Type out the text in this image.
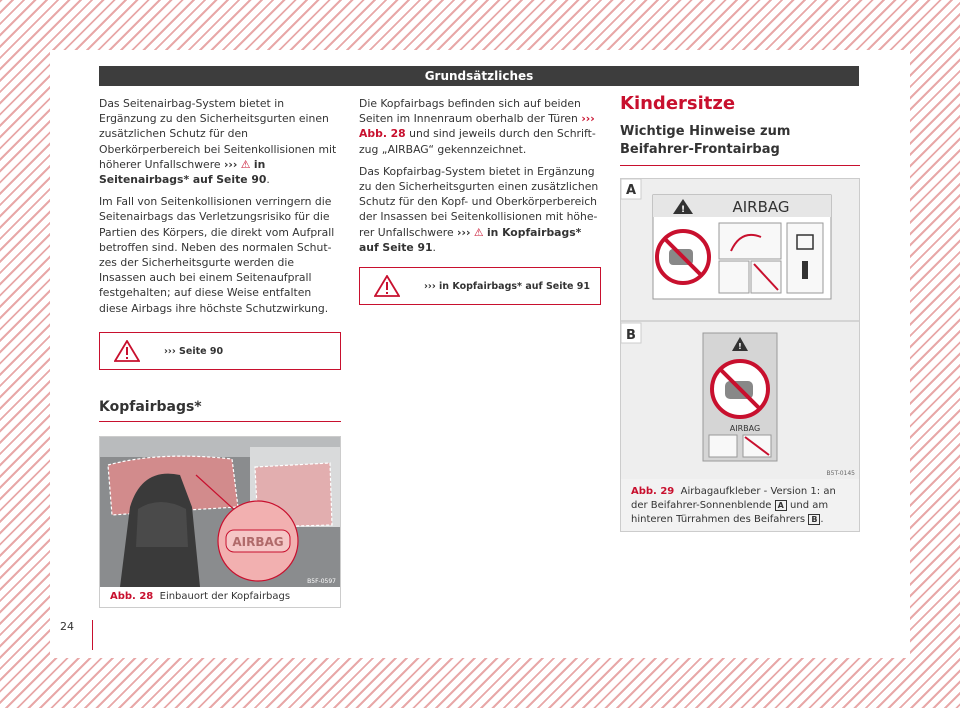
Grundsätzliches

Das Seitenairbag-System bietet in Ergänzung zu den Sicherheitsgurten einen zusätzlichen Schutz für den Oberkörperbereich bei Seitenkollisionen mit höherer Unfallschwere ››› ⚠ in Seitenairbags* auf Seite 90.

Im Fall von Seitenkollisionen verringern die Seitenairbags das Verletzungsrisiko für die Partien des Körpers, die direkt vom Aufprall betroffen sind. Neben des normalen Schutzes der Sicherheitsgurte werden die Insassen auch bei einem Seitenaufprall festgehalten; auf diese Weise entfalten diese Airbags ihre höchste Schutzwirkung.

››› Seite 90
Kopfairbags*
AIRBAG
B5F-0597
Abb. 28 Einbauort der Kopfairbags

Die Kopfairbags befinden sich auf beiden Seiten im Innenraum oberhalb der Türen ››› Abb. 28 und sind jeweils durch den Schriftzug „AIRBAG“ gekennzeichnet.

Das Kopfairbag-System bietet in Ergänzung zu den Sicherheitsgurten einen zusätzlichen Schutz für den Kopf- und Oberkörperbereich der Insassen bei Seitenkollisionen mit höherer Unfallschwere ››› ⚠ in Kopfairbags* auf Seite 91.

››› in Kopfairbags* auf Seite 91
Kindersitze
Wichtige Hinweise zum Beifahrer-Frontairbag
A
B
!	AIRBAG
!
AIRBAG
B5T-0145
Abb. 29 Airbagaufkleber - Version 1: an der Beifahrer-Sonnenblende A und am hinteren Türrahmen des Beifahrers B .
24
